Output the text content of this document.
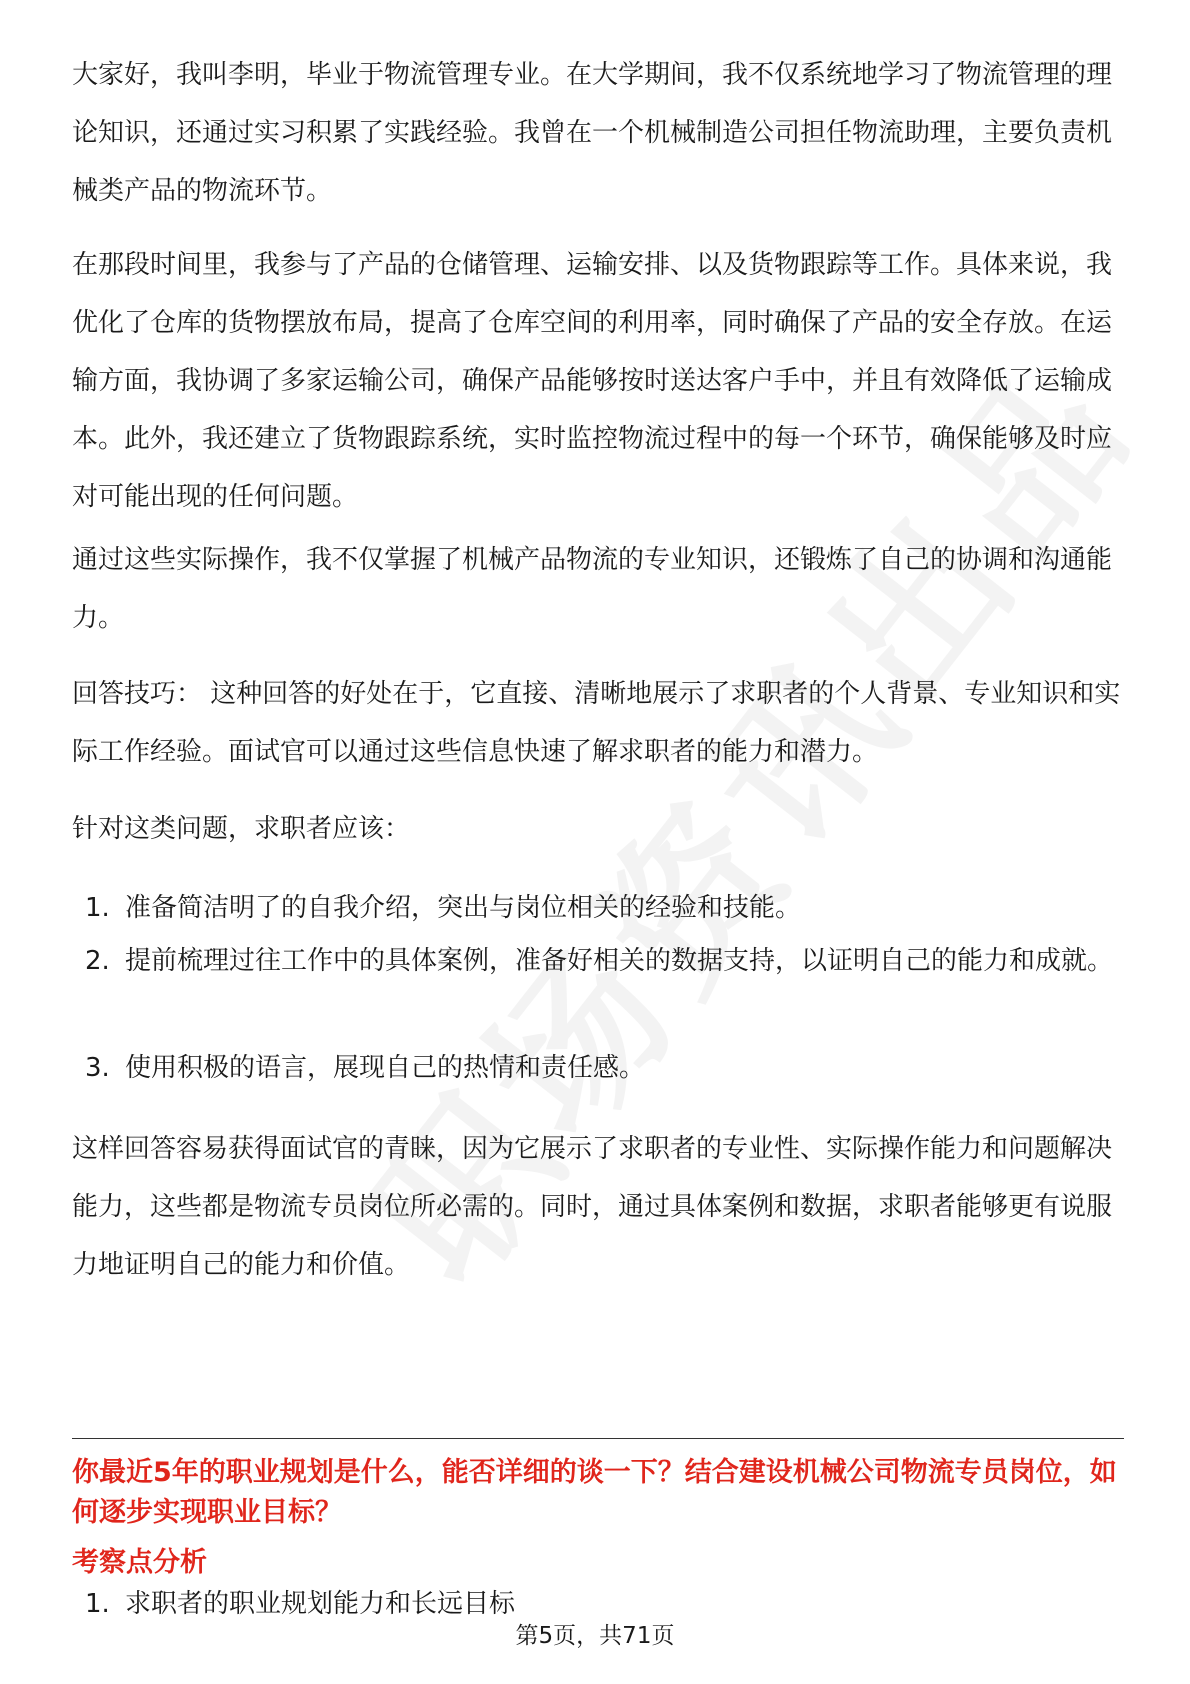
大家好，我叫李明，毕业于物流管理专业。在大学期间，我不仅系统地学习了物流管理的理论知识，还通过实习积累了实践经验。我曾在一个机械制造公司担任物流助理，主要负责机械类产品的物流环节。

在那段时间里，我参与了产品的仓储管理、运输安排、以及货物跟踪等工作。具体来说，我优化了仓库的货物摆放布局，提高了仓库空间的利用率，同时确保了产品的安全存放。在运输方面，我协调了多家运输公司，确保产品能够按时送达客户手中，并且有效降低了运输成本。此外，我还建立了货物跟踪系统，实时监控物流过程中的每一个环节，确保能够及时应对可能出现的任何问题。

通过这些实际操作，我不仅掌握了机械产品物流的专业知识，还锻炼了自己的协调和沟通能力。

回答技巧： 这种回答的好处在于，它直接、清晰地展示了求职者的个人背景、专业知识和实际工作经验。面试官可以通过这些信息快速了解求职者的能力和潜力。

针对这类问题，求职者应该：

1. 准备简洁明了的自我介绍，突出与岗位相关的经验和技能。
2. 提前梳理过往工作中的具体案例，准备好相关的数据支持，以证明自己的能力和成就。
3. 使用积极的语言，展现自己的热情和责任感。

这样回答容易获得面试官的青睐，因为它展示了求职者的专业性、实际操作能力和问题解决能力，这些都是物流专员岗位所必需的。同时，通过具体案例和数据，求职者能够更有说服力地证明自己的能力和价值。

你最近5年的职业规划是什么，能否详细的谈一下？结合建设机械公司物流专员岗位，如何逐步实现职业目标？
考察点分析
1. 求职者的职业规划能力和长远目标
第5页，共71页
